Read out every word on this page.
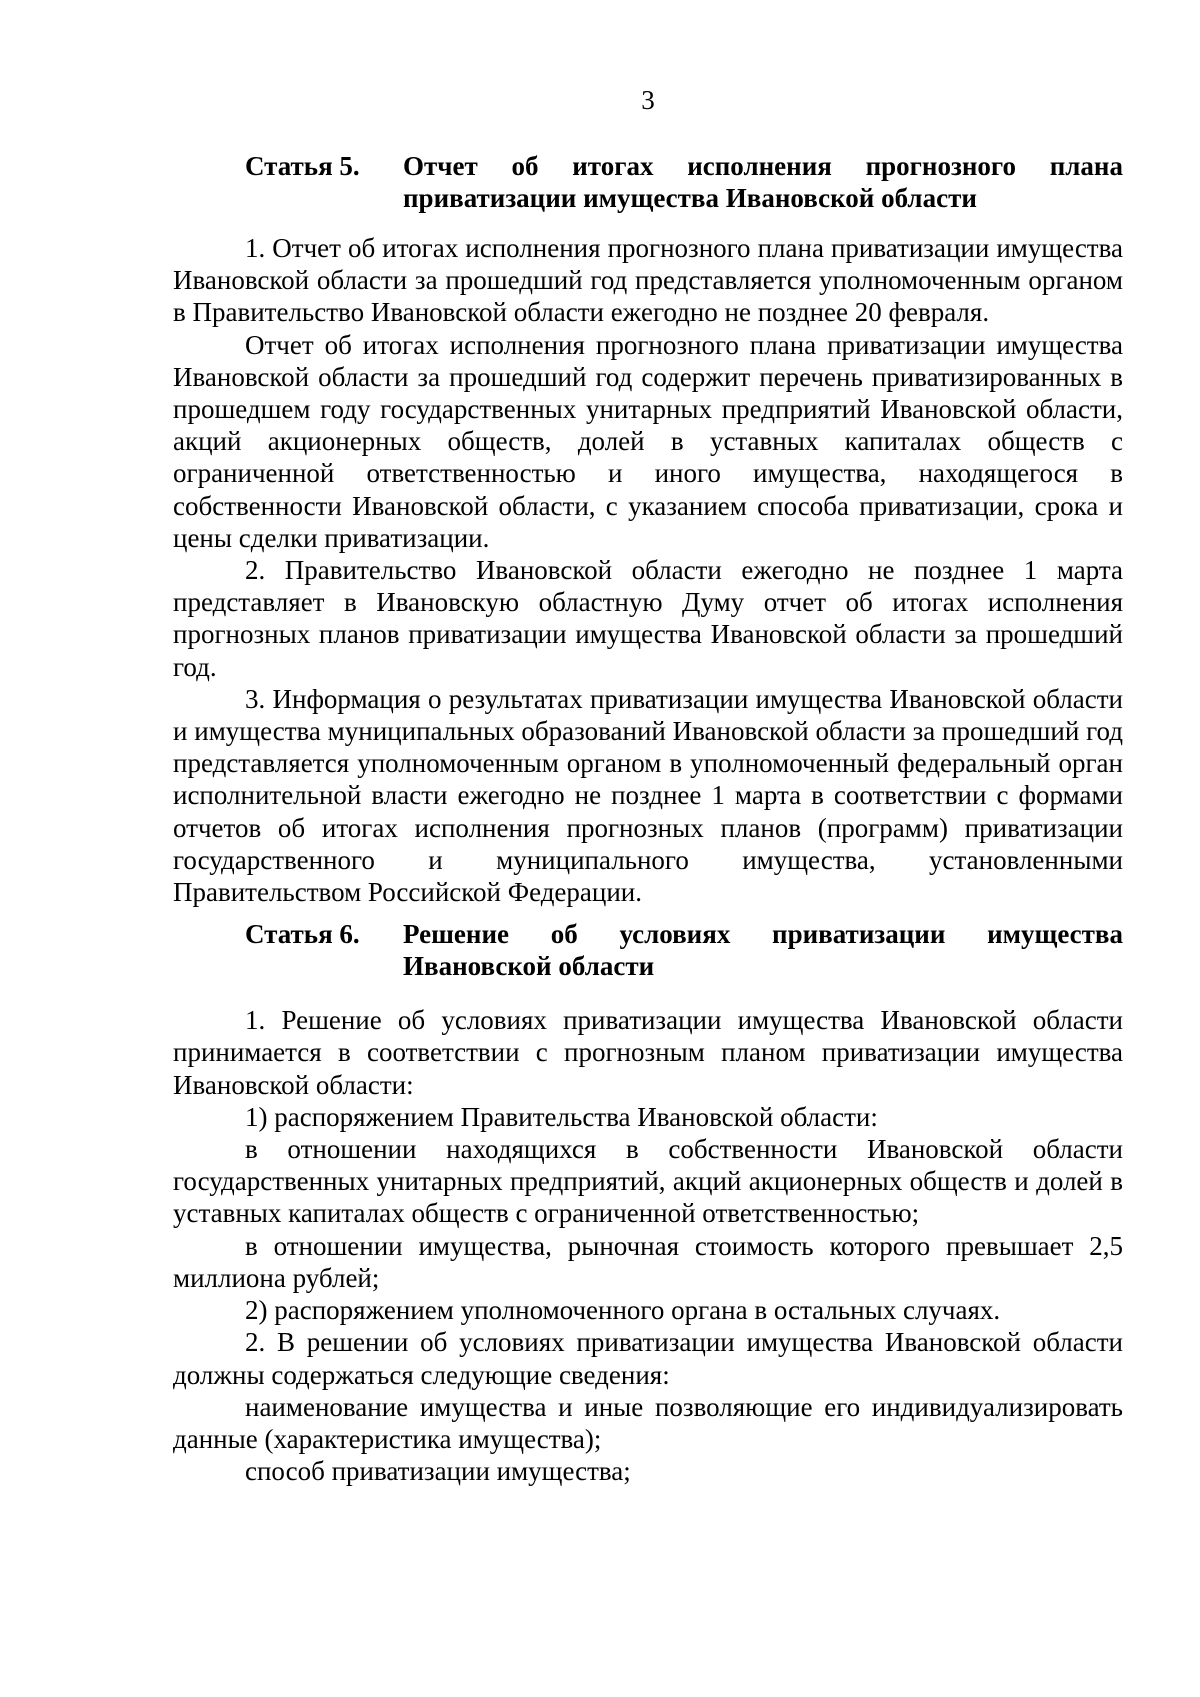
3
Статья 5.	Отчет об итогах исполнения прогнозного плана приватизации имущества Ивановской области

1. Отчет об итогах исполнения прогнозного плана приватизации имущества Ивановской области за прошедший год представляется уполномоченным органом в Правительство Ивановской области ежегодно не позднее 20 февраля.

Отчет об итогах исполнения прогнозного плана приватизации имущества Ивановской области за прошедший год содержит перечень приватизированных в прошедшем году государственных унитарных предприятий Ивановской области, акций акционерных обществ, долей в уставных капиталах обществ с ограниченной ответственностью и иного имущества, находящегося в собственности Ивановской области, с указанием способа приватизации, срока и цены сделки приватизации.

2. Правительство Ивановской области ежегодно не позднее 1 марта представляет в Ивановскую областную Думу отчет об итогах исполнения прогнозных планов приватизации имущества Ивановской области за прошедший год.

3. Информация о результатах приватизации имущества Ивановской области и имущества муниципальных образований Ивановской области за прошедший год представляется уполномоченным органом в уполномоченный федеральный орган исполнительной власти ежегодно не позднее 1 марта в соответствии с формами отчетов об итогах исполнения прогнозных планов (программ) приватизации государственного и муниципального имущества, установленными Правительством Российской Федерации.

Статья 6.	Решение об условиях приватизации имущества Ивановской области

1. Решение об условиях приватизации имущества Ивановской области принимается в соответствии с прогнозным планом приватизации имущества Ивановской области:

1) распоряжением Правительства Ивановской области:

в отношении находящихся в собственности Ивановской области государственных унитарных предприятий, акций акционерных обществ и долей в уставных капиталах обществ с ограниченной ответственностью;

в отношении имущества, рыночная стоимость которого превышает 2,5 миллиона рублей;

2) распоряжением уполномоченного органа в остальных случаях.

2. В решении об условиях приватизации имущества Ивановской области должны содержаться следующие сведения:

наименование имущества и иные позволяющие его индивидуализировать данные (характеристика имущества);

способ приватизации имущества;
